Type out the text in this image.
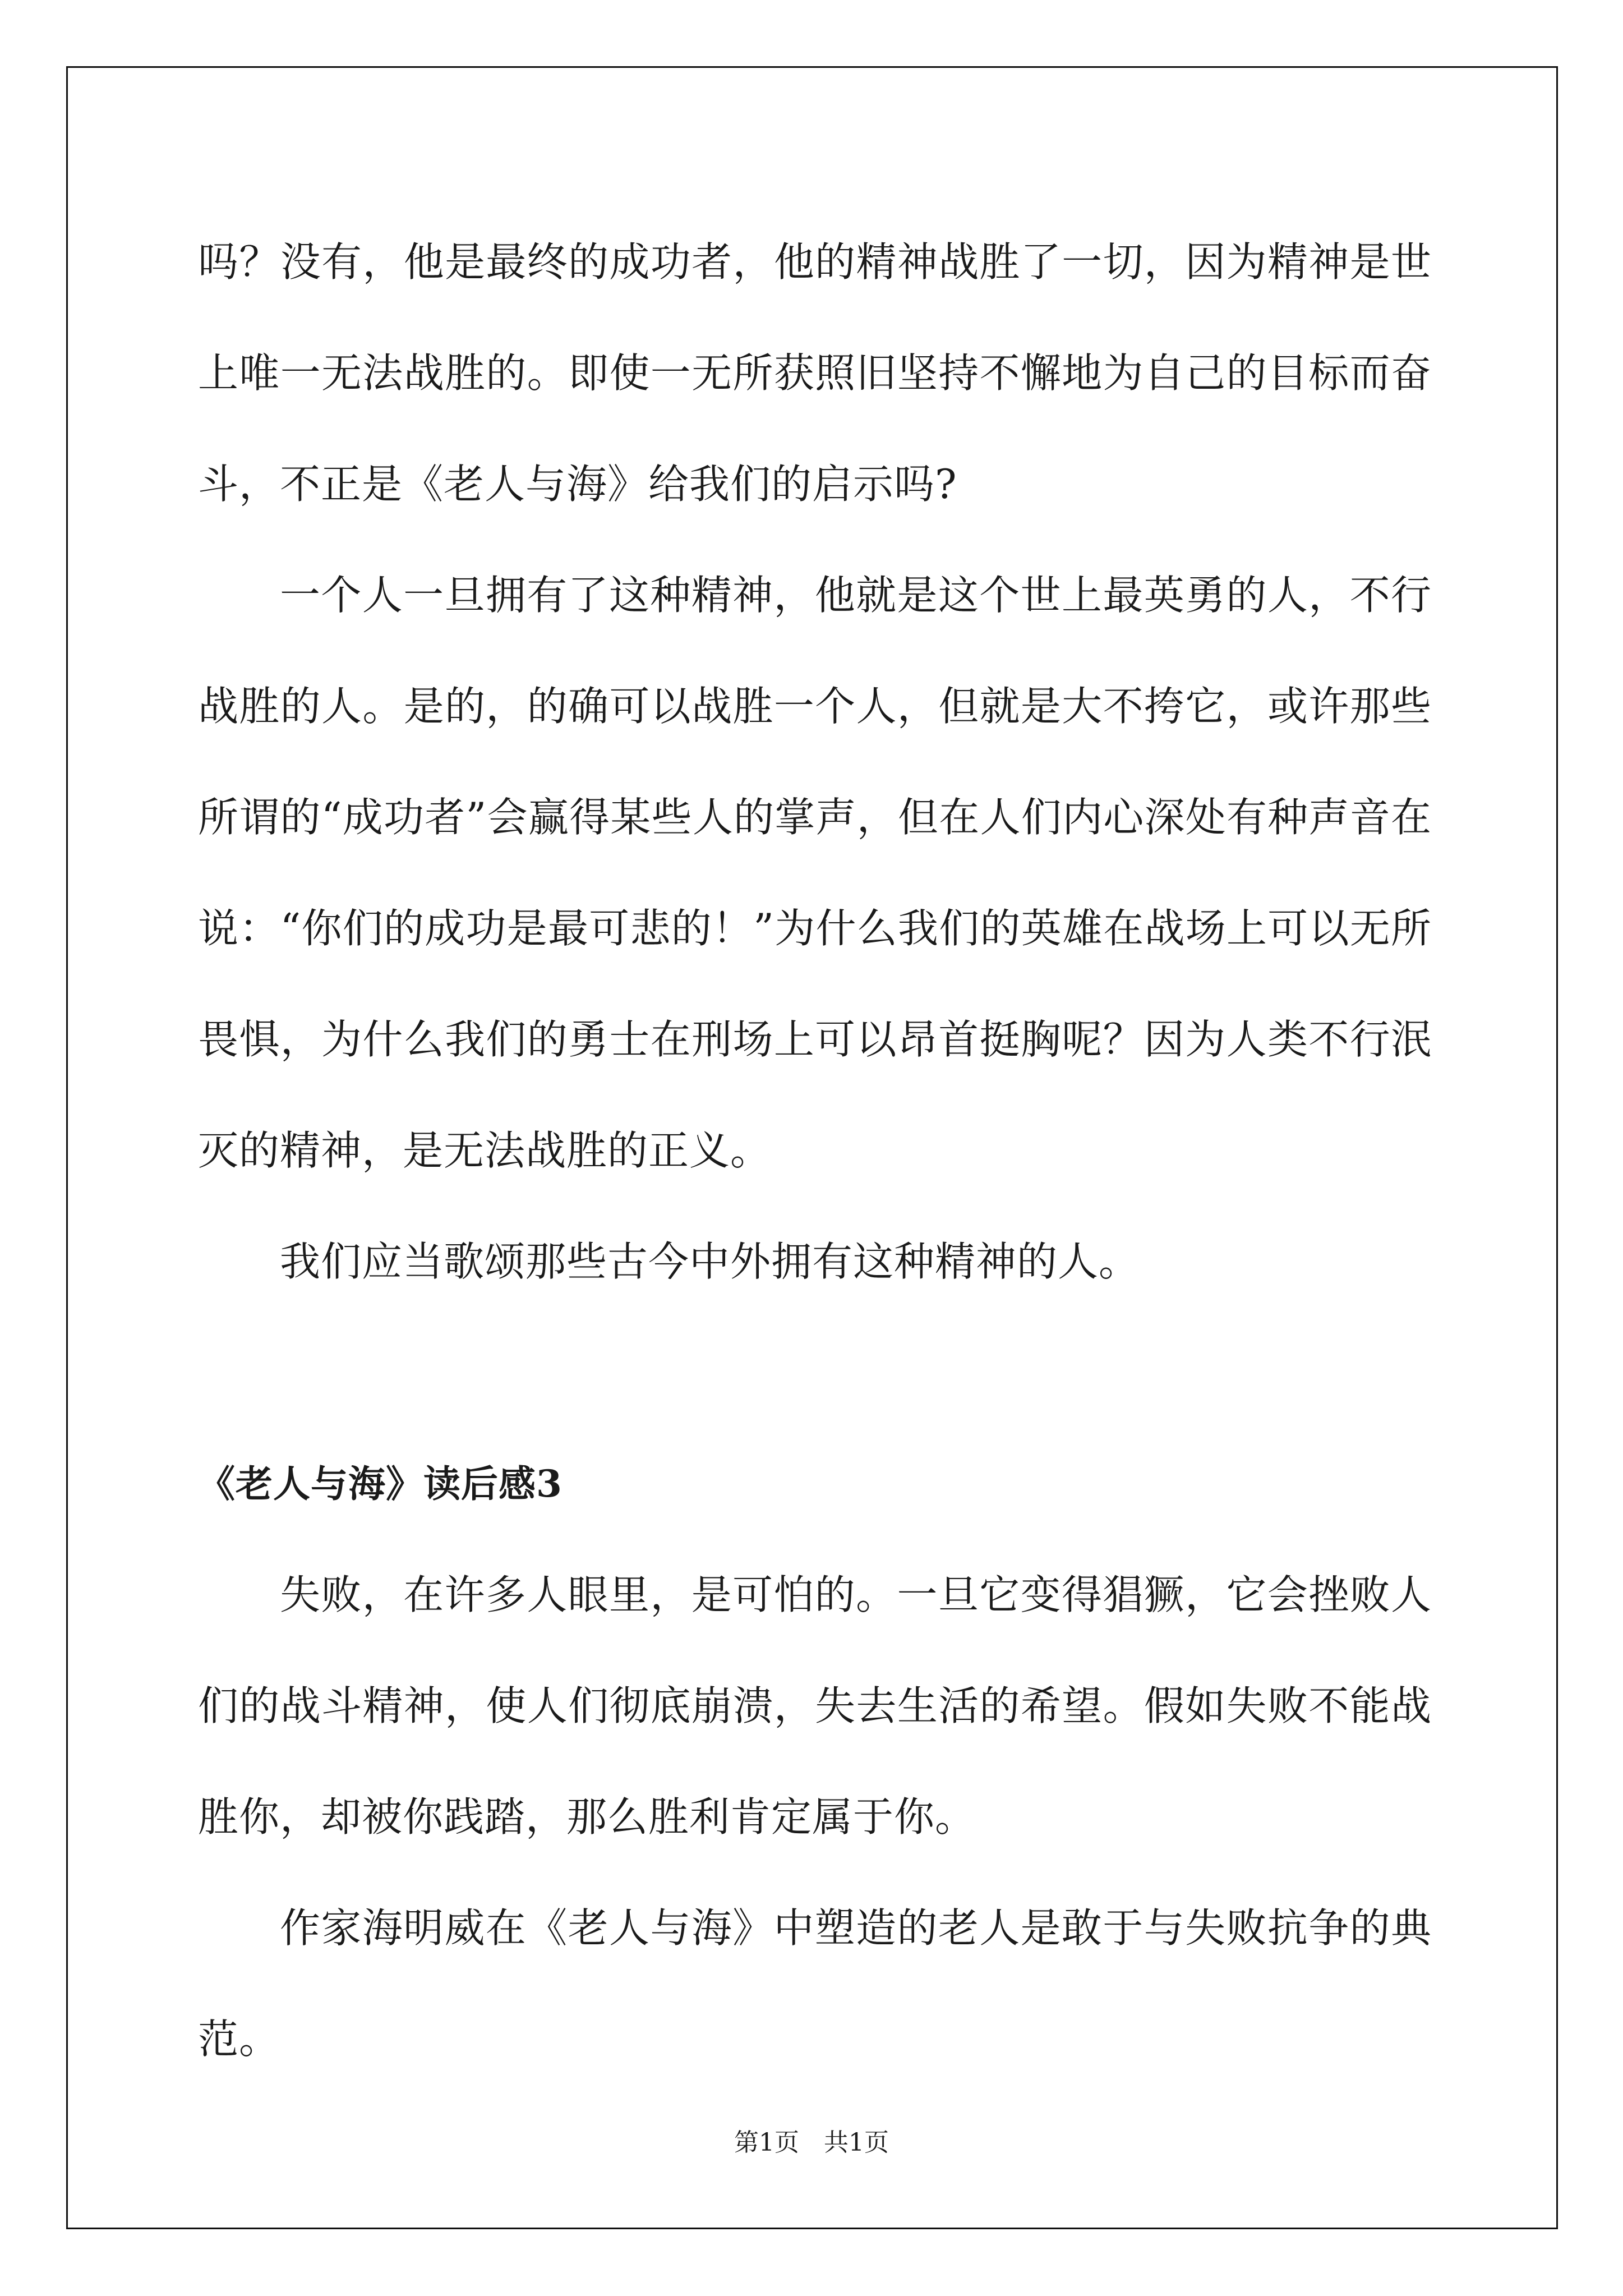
吗？没有，他是最终的成功者，他的精神战胜了一切，因为精神是世上唯一无法战胜的。即使一无所获照旧坚持不懈地为自己的目标而奋斗，不正是《老人与海》给我们的启示吗?

一个人一旦拥有了这种精神，他就是这个世上最英勇的人，不行战胜的人。是的，的确可以战胜一个人，但就是大不挎它，或许那些所谓的“成功者”会赢得某些人的掌声，但在人们内心深处有种声音在说：“你们的成功是最可悲的！”为什么我们的英雄在战场上可以无所畏惧，为什么我们的勇士在刑场上可以昂首挺胸呢？因为人类不行泯灭的精神，是无法战胜的正义。

我们应当歌颂那些古今中外拥有这种精神的人。

《老人与海》读后感3

失败，在许多人眼里，是可怕的。一旦它变得猖獗，它会挫败人们的战斗精神，使人们彻底崩溃，失去生活的希望。假如失败不能战胜你，却被你践踏，那么胜利肯定属于你。

作家海明威在《老人与海》中塑造的老人是敢于与失败抗争的典范。

第1页　共1页
